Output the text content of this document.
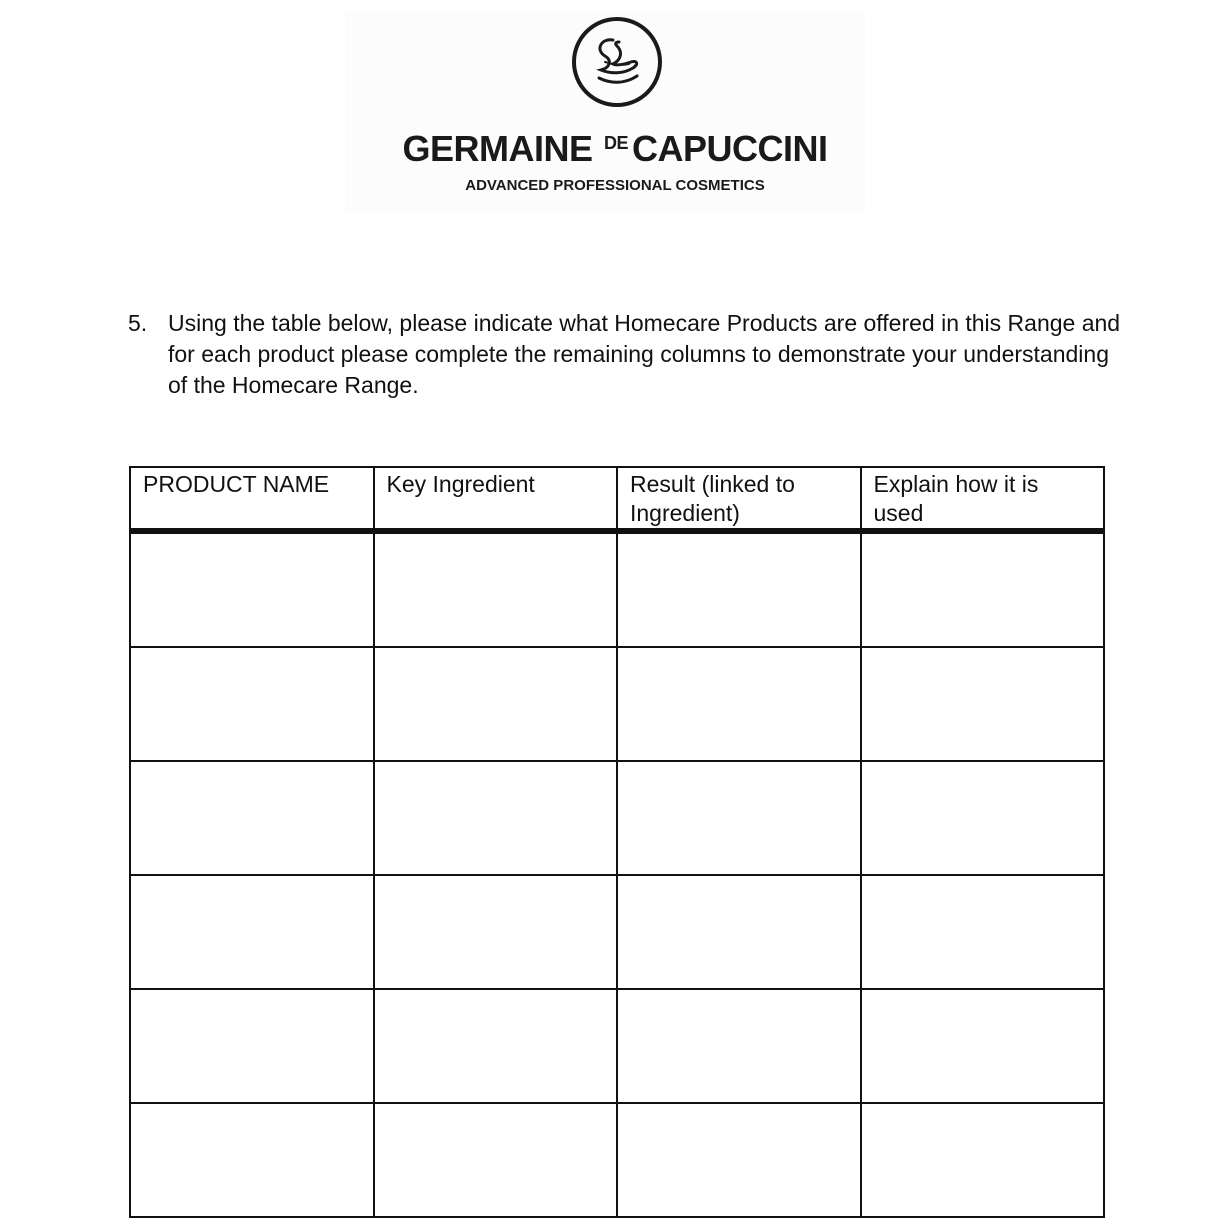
GERMAINE $^{DE}$ CAPUCCINI
ADVANCED PROFESSIONAL COSMETICS
5. Using the table below, please indicate what Homecare Products are offered in this Range and for each product please complete the remaining columns to demonstrate your understanding of the Homecare Range.
PRODUCT NAME	Key Ingredient	Result (linked to Ingredient)	Explain how it is used
